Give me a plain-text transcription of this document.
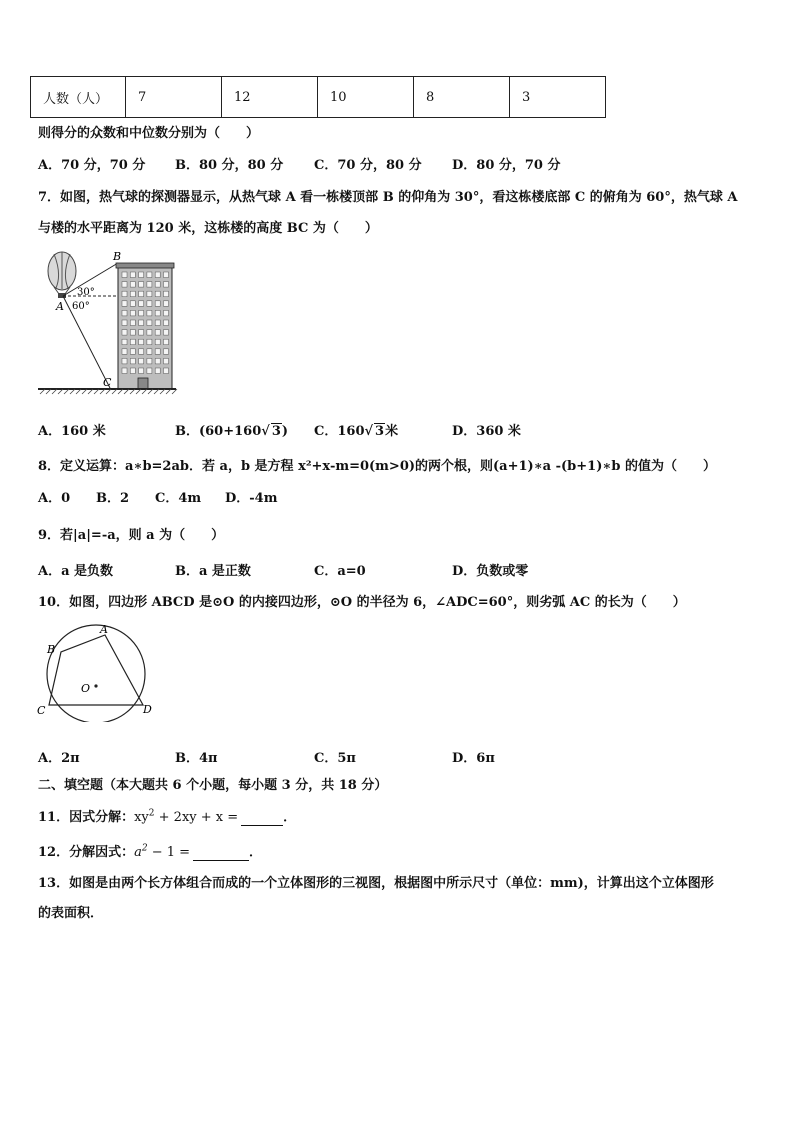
人数（人）	7	12	10	8	3
则得分的众数和中位数分别为（　　）
A．70 分，70 分 B．80 分，80 分 C．70 分，80 分 D．80 分，70 分
7．如图，热气球的探测器显示，从热气球 A 看一栋楼顶部 B 的仰角为 30°，看这栋楼底部 C 的俯角为 60°，热气球 A
与楼的水平距离为 120 米，这栋楼的高度 BC 为（　　）
B
A
C
30°
60°
A．160 米	B．(60+160√ 3) C．160√ 3米	D．360 米
8．定义运算：a∗b=2ab．若 a，b 是方程 x²+x-m=0(m>0)的两个根，则(a+1)∗a -(b+1)∗b 的值为（　　）
A．0 B．2 C．4m D．-4m
9．若|a|=-a，则 a 为（　　）
A．a 是负数	B．a 是正数	C．a=0	D．负数或零
10．如图，四边形 ABCD 是⊙O 的内接四边形，⊙O 的半径为 6，∠ADC=60°，则劣弧 AC 的长为（　　）
A
B
C	D
O
A．2π	B．4π	C．5π	D．6π
二、填空题（本大题共 6 个小题，每小题 3 分，共 18 分）
11．因式分解：$xy^2 + 2xy + x$ =	．
12．分解因式：$a^2 - 1$ =	．
13．如图是由两个长方体组合而成的一个立体图形的三视图，根据图中所示尺寸（单位：mm)，计算出这个立体图形
的表面积．
